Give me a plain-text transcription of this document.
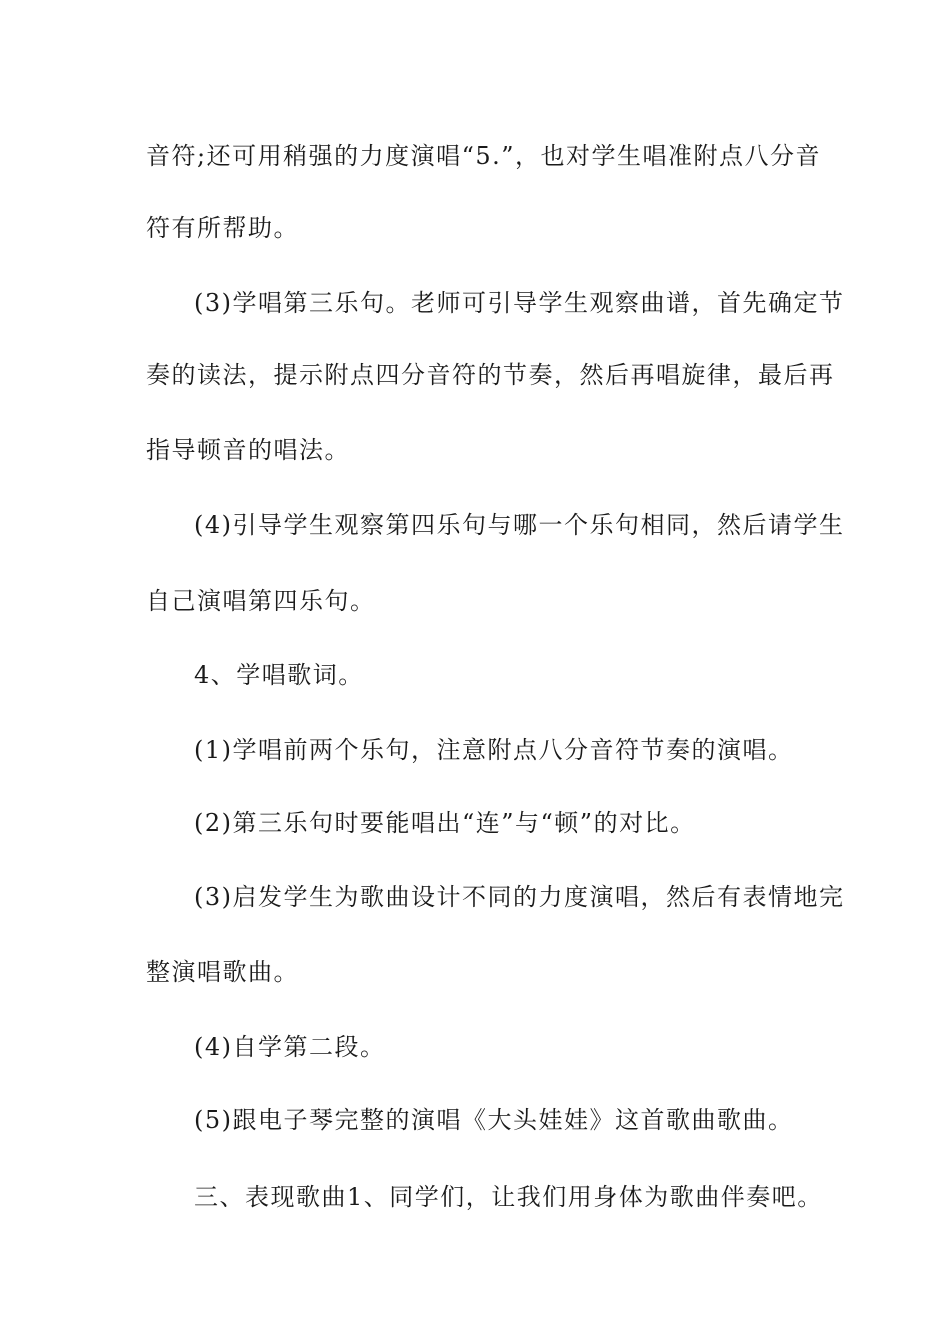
音符;还可用稍强的力度演唱“5.”，也对学生唱准附点八分音
符有所帮助。
(3)学唱第三乐句。老师可引导学生观察曲谱，首先确定节
奏的读法，提示附点四分音符的节奏，然后再唱旋律，最后再
指导顿音的唱法。
(4)引导学生观察第四乐句与哪一个乐句相同，然后请学生
自己演唱第四乐句。
4、学唱歌词。
(1)学唱前两个乐句，注意附点八分音符节奏的演唱。
(2)第三乐句时要能唱出“连”与“顿”的对比。
(3)启发学生为歌曲设计不同的力度演唱，然后有表情地完
整演唱歌曲。
(4)自学第二段。
(5)跟电子琴完整的演唱《大头娃娃》这首歌曲歌曲。
三、表现歌曲1、同学们，让我们用身体为歌曲伴奏吧。
